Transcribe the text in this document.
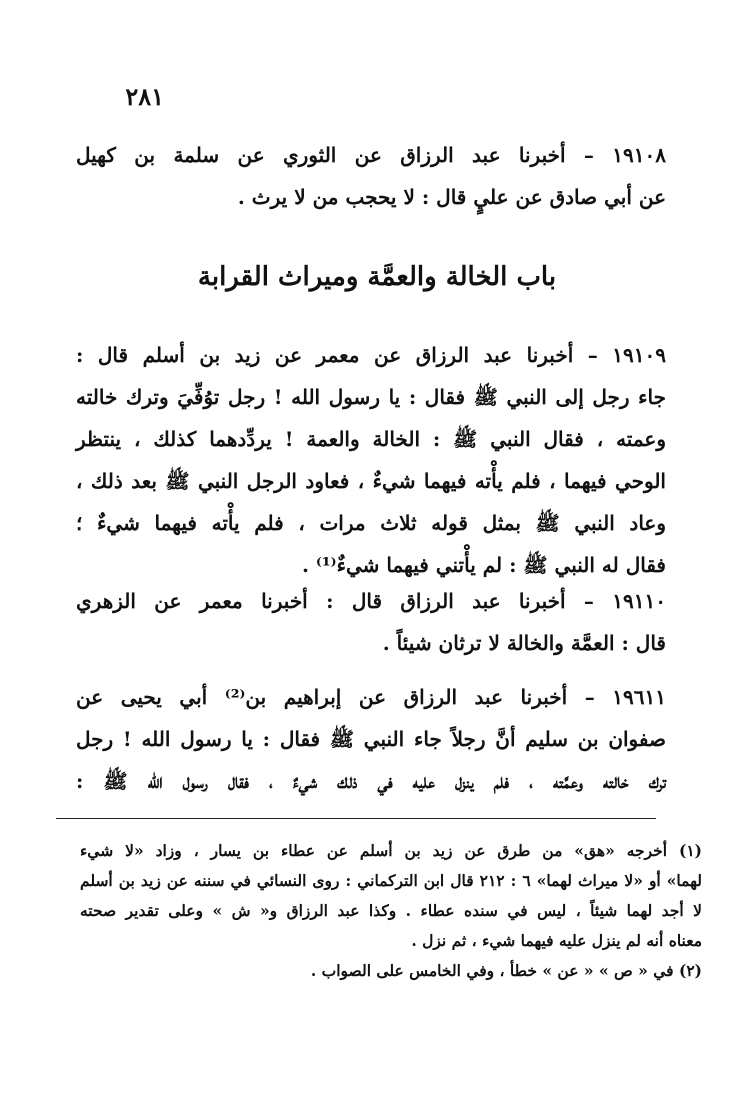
٢٨١
١٩١٠٨ – أخبرنا عبد الرزاق عن الثوري عن سلمة بن كهيل
عن أبي صادق عن عليٍ قال : لا يحجب من لا يرث .
باب الخالة والعمَّة وميراث القرابة
١٩١٠٩ – أخبرنا عبد الرزاق عن معمر عن زيد بن أسلم قال :
جاء رجل إلى النبي ﷺ فقال : يا رسول الله ! رجل توُفِّيَ وترك خالته
وعمته ، فقال النبي ﷺ : الخالة والعمة ! يردِّدهما كذلك ، ينتظر
الوحي فيهما ، فلم يأْته فيهما شيءٌ ، فعاود الرجل النبي ﷺ بعد ذلك ،
وعاد النبي ﷺ بمثل قوله ثلاث مرات ، فلم يأْته فيهما شيءٌ ؛
فقال له النبي ﷺ : لم يأْتني فيهما شيءٌ⁽¹⁾ .
١٩١١٠ – أخبرنا عبد الرزاق قال : أخبرنا معمر عن الزهري
قال : العمَّة والخالة لا ترثان شيئاً .
١٩٦١١ – أخبرنا عبد الرزاق عن إبراهيم بن⁽²⁾ أبي يحيى عن
صفوان بن سليم أنَّ رجلاً جاء النبي ﷺ فقال : يا رسول الله ! رجل
ترك خالته وعمَّته ، فلم ينزل عليه في ذلك شيءٌ ، فقال رسول الله ﷺ :
(١) أخرجه «هق» من طرق عن زيد بن أسلم عن عطاء بن يسار ، وزاد «لا شيء
لهما» أو «لا ميراث لهما» ٦ : ٢١٢ قال ابن التركماني : روى النسائي في سننه عن زيد بن أسلم
لا أجد لهما شيئاً ، ليس في سنده عطاء . وكذا عبد الرزاق و« ش » وعلى تقدير صحته
معناه أنه لم ينزل عليه فيهما شيء ، ثم نزل .
(٢) في « ص » « عن » خطأ ، وفي الخامس على الصواب .
